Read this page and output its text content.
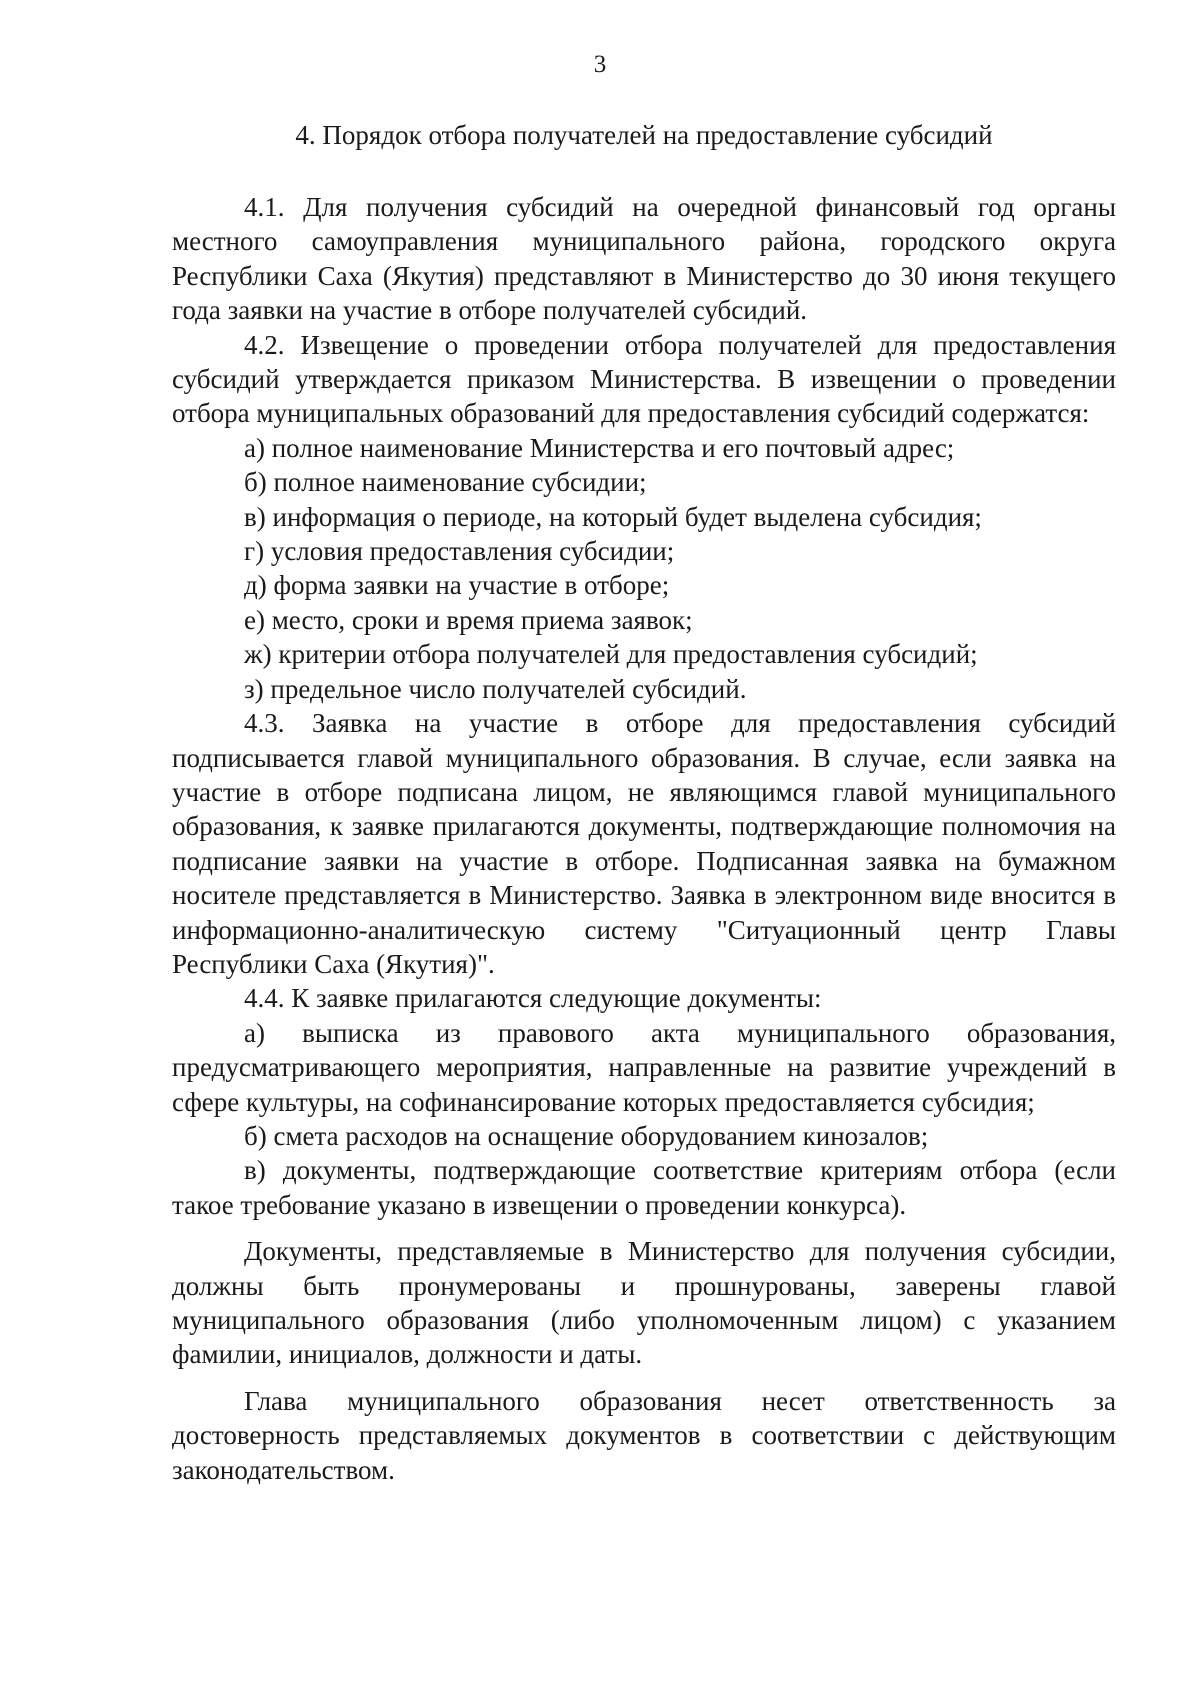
3
4. Порядок отбора получателей на предоставление субсидий

4.1. Для получения субсидий на очередной финансовый год органы местного самоуправления муниципального района, городского округа Республики Саха (Якутия) представляют в Министерство до 30 июня текущего года заявки на участие в отборе получателей субсидий.

4.2. Извещение о проведении отбора получателей для предоставления субсидий утверждается приказом Министерства. В извещении о проведении отбора муниципальных образований для предоставления субсидий содержатся:

а) полное наименование Министерства и его почтовый адрес;

б) полное наименование субсидии;

в) информация о периоде, на который будет выделена субсидия;

г) условия предоставления субсидии;

д) форма заявки на участие в отборе;

е) место, сроки и время приема заявок;

ж) критерии отбора получателей для предоставления субсидий;

з) предельное число получателей субсидий.

4.3. Заявка на участие в отборе для предоставления субсидий подписывается главой муниципального образования. В случае, если заявка на участие в отборе подписана лицом, не являющимся главой муниципального образования, к заявке прилагаются документы, подтверждающие полномочия на подписание заявки на участие в отборе. Подписанная заявка на бумажном носителе представляется в Министерство. Заявка в электронном виде вносится в информационно-аналитическую систему "Ситуационный центр Главы Республики Саха (Якутия)".

4.4. К заявке прилагаются следующие документы:

а) выписка из правового акта муниципального образования, предусматривающего мероприятия, направленные на развитие учреждений в сфере культуры, на софинансирование которых предоставляется субсидия;

б) смета расходов на оснащение оборудованием кинозалов;

в) документы, подтверждающие соответствие критериям отбора (если такое требование указано в извещении о проведении конкурса).

Документы, представляемые в Министерство для получения субсидии, должны быть пронумерованы и прошнурованы, заверены главой муниципального образования (либо уполномоченным лицом) с указанием фамилии, инициалов, должности и даты.

Глава муниципального образования несет ответственность за достоверность представляемых документов в соответствии с действующим законодательством.
